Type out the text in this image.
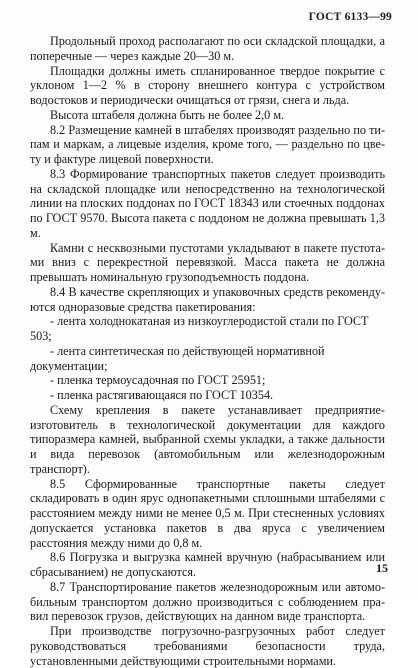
ГОСТ 6133—99

Продольный проход располагают по оси складской площадки, а поперечные — через каждые 20—30 м.

Площадки должны иметь спланированное твердое покрытие с уклоном 1—2 % в сторону внешнего контура с устройством водостоков и периодически очищаться от грязи, снега и льда.

Высота штабеля должна быть не более 2,0 м.

8.2 Размещение камней в штабелях производят раздельно по типам и маркам, а лицевые изделия, кроме того, — раздельно по цвету и фактуре лицевой поверхности.

8.3 Формирование транспортных пакетов следует производить на складской площадке или непосредственно на технологической линии на плоских поддонах по ГОСТ 18343 или стоечных поддонах по ГОСТ 9570. Высота пакета с поддоном не должна превышать 1,3 м.

Камни с несквозными пустотами укладывают в пакете пустотами вниз с перекрестной перевязкой. Масса пакета не должна превышать номинальную грузоподъемность поддона.

8.4 В качестве скрепляющих и упаковочных средств рекомендуются одноразовые средства пакетирования:

- лента холоднокатаная из низкоуглеродистой стали по ГОСТ 503;

- лента синтетическая по действующей нормативной документации;

- пленка термоусадочная по ГОСТ 25951;

- пленка растягивающаяся по ГОСТ 10354.

Схему крепления в пакете устанавливает предприятие-изготовитель в технологической документации для каждого типоразмера камней, выбранной схемы укладки, а также дальности и вида перевозок (автомобильным или железнодорожным транспорт).

8.5 Сформированные транспортные пакеты следует складировать в один ярус однопакетными сплошными штабелями с расстоянием между ними не менее 0,5 м. При стесненных условиях допускается установка пакетов в два яруса с увеличением расстояния между ними до 0,8 м.

8.6 Погрузка и выгрузка камней вручную (набрасыванием или сбрасыванием) не допускаются.

8.7 Транспортирование пакетов железнодорожным или автомобильным транспортом должно производиться с соблюдением правил перевозок грузов, действующих на данном виде транспорта.

При производстве погрузочно-разгрузочных работ следует руководствоваться требованиями безопасности труда, установленными действующими строительными нормами.

15
